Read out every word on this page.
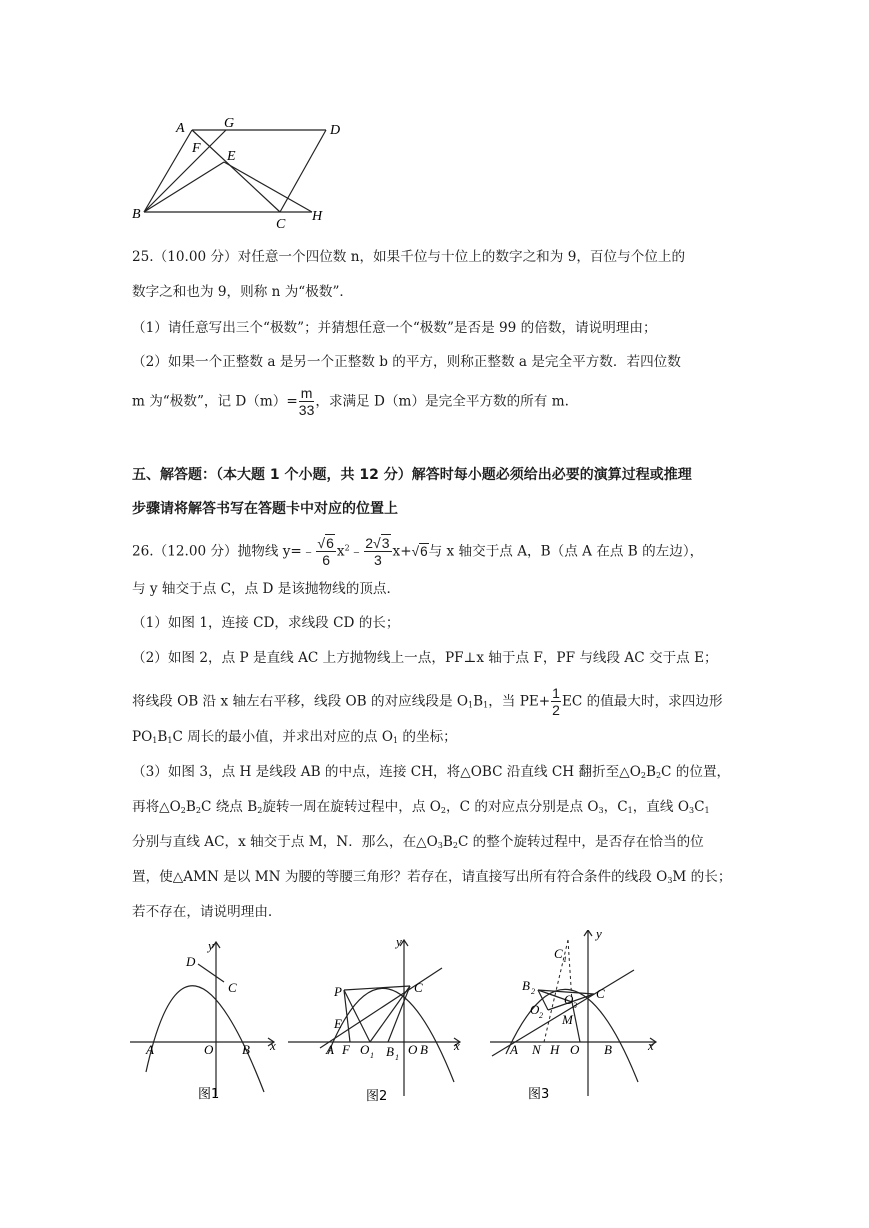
A	G	D
F
E
B
C
H
25.（10.00 分）对任意一个四位数 n，如果千位与十位上的数字之和为 9，百位与个位上的
数字之和也为 9，则称 n 为“极数”．
（1）请任意写出三个“极数”；并猜想任意一个“极数”是否是 99 的倍数，请说明理由；
（2）如果一个正整数 a 是另一个正整数 b 的平方，则称正整数 a 是完全平方数．若四位数
m 为“极数”，记 $D(m)= \frac{m}{33}$ ，求满足 D（m）是完全平方数的所有 m.
五、解答题：（本大题 1 个小题，共 12 分）解答时每小题必须给出必要的演算过程或推理
步骤请将解答书写在答题卡中对应的位置上
26.（12.00 分）抛物线 y=﹣ $\frac{√6}{6}$ $x^2﹣ \frac{2√3}{3} x+√6$与 x 轴交于点 A，B（点 A 在点 B 的左边），
与 y 轴交于点 C，点 D 是该抛物线的顶点．
（1）如图 1，连接 CD，求线段 CD 的长；
（2）如图 2，点 P 是直线 AC 上方抛物线上一点，PF⊥x 轴于点 F，PF 与线段 AC 交于点 E；
将线段 OB 沿 x 轴左右平移，线段 OB 的对应线段是 $O_1B_1$，当 $PE+ \frac{1}{2}$ EC 的值最大时，求四边形
$PO_1B_1C$ 周长的最小值，并求出对应的点 $O_1$ 的坐标；
（3）如图 3，点 H 是线段 AB 的中点，连接 CH，将△OBC 沿直线 CH 翻折至$\triangle O_2B_2C$ 的位置，
再将$\triangle O_2B_2C$ 绕点 $B_2$旋转一周在旋转过程中，点 $O_2$，C 的对应点分别是点 $O_3$，$C_1$，直线 $O_3C_1$
分别与直线 AC，x 轴交于点 M，N．那么，在$\triangle O_3B_2C$ 的整个旋转过程中，是否存在恰当的位
置，使△AMN 是以 MN 为腰的等腰三角形？若存在，请直接写出所有符合条件的线段 $O_3M$ 的长；
若不存在，请说明理由.
y
D
C
A	O B x
图1
y
P	C
E
A F O 1 B 1
O B x
图2
y
C 1
B 2
O 3
C
O 2 M
A N H O B	x
图3
